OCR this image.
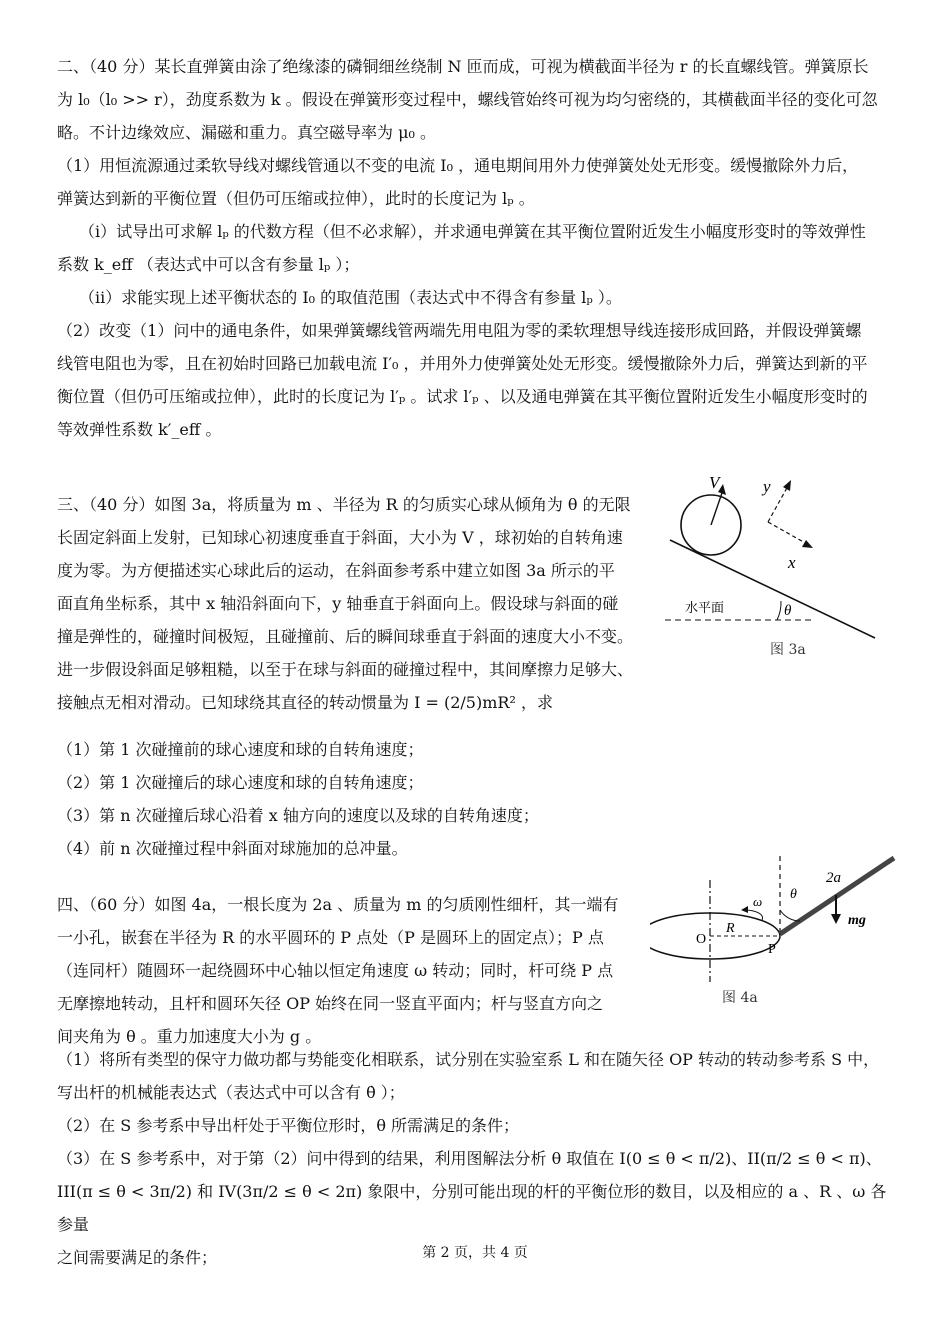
二、（40 分）某长直弹簧由涂了绝缘漆的磷铜细丝绕制 N 匝而成，可视为横截面半径为 r 的长直螺线管。弹簧原长

为 l₀（l₀ >> r），劲度系数为 k 。假设在弹簧形变过程中，螺线管始终可视为均匀密绕的，其横截面半径的变化可忽

略。不计边缘效应、漏磁和重力。真空磁导率为 μ₀ 。

（1）用恒流源通过柔软导线对螺线管通以不变的电流 I₀ ，通电期间用外力使弹簧处处无形变。缓慢撤除外力后，

弹簧达到新的平衡位置（但仍可压缩或拉伸），此时的长度记为 lₚ 。

（i）试导出可求解 lₚ 的代数方程（但不必求解），并求通电弹簧在其平衡位置附近发生小幅度形变时的等效弹性

系数 k_eff （表达式中可以含有参量 lₚ ）；

（ii）求能实现上述平衡状态的 I₀ 的取值范围（表达式中不得含有参量 lₚ ）。

（2）改变（1）问中的通电条件，如果弹簧螺线管两端先用电阻为零的柔软理想导线连接形成回路，并假设弹簧螺

线管电阻也为零，且在初始时回路已加载电流 I′₀ ，并用外力使弹簧处处无形变。缓慢撤除外力后，弹簧达到新的平

衡位置（但仍可压缩或拉伸），此时的长度记为 l′ₚ 。试求 l′ₚ 、以及通电弹簧在其平衡位置附近发生小幅度形变时的

等效弹性系数 k′_eff 。

三、（40 分）如图 3a，将质量为 m 、半径为 R 的匀质实心球从倾角为 θ 的无限

长固定斜面上发射，已知球心初速度垂直于斜面，大小为 V ，球初始的自转角速

度为零。为方便描述实心球此后的运动，在斜面参考系中建立如图 3a 所示的平

面直角坐标系，其中 x 轴沿斜面向下，y 轴垂直于斜面向上。假设球与斜面的碰

撞是弹性的，碰撞时间极短，且碰撞前、后的瞬间球垂直于斜面的速度大小不变。

进一步假设斜面足够粗糙，以至于在球与斜面的碰撞过程中，其间摩擦力足够大、

接触点无相对滑动。已知球绕其直径的转动惯量为 I = (2/5)mR² ，求

（1）第 1 次碰撞前的球心速度和球的自转角速度；

（2）第 1 次碰撞后的球心速度和球的自转角速度；

（3）第 n 次碰撞后球心沿着 x 轴方向的速度以及球的自转角速度；

（4）前 n 次碰撞过程中斜面对球施加的总冲量。

V	y
x
水平面	θ
图 3a

四、（60 分）如图 4a，一根长度为 2a 、质量为 m 的匀质刚性细杆，其一端有

一小孔，嵌套在半径为 R 的水平圆环的 P 点处（P 是圆环上的固定点）；P 点

（连同杆）随圆环一起绕圆环中心轴以恒定角速度 ω 转动；同时，杆可绕 P 点

无摩擦地转动，且杆和圆环矢径 OP 始终在同一竖直平面内；杆与竖直方向之

间夹角为 θ 。重力加速度大小为 g 。

（1）将所有类型的保守力做功都与势能变化相联系，试分别在实验室系 L 和在随矢径 OP 转动的转动参考系 S 中，

写出杆的机械能表达式（表达式中可以含有 θ̇ ）；

（2）在 S 参考系中导出杆处于平衡位形时，θ 所需满足的条件；

（3）在 S 参考系中，对于第（2）问中得到的结果，利用图解法分析 θ 取值在 I(0 ≤ θ < π/2)、II(π/2 ≤ θ < π)、

III(π ≤ θ < 3π/2) 和 IV(3π/2 ≤ θ < 2π) 象限中，分别可能出现的杆的平衡位形的数目，以及相应的 a 、R 、ω 各参量

之间需要满足的条件；

2a
θ
ω
R
O
P
mg
图 4a
第 2 页，共 4 页
